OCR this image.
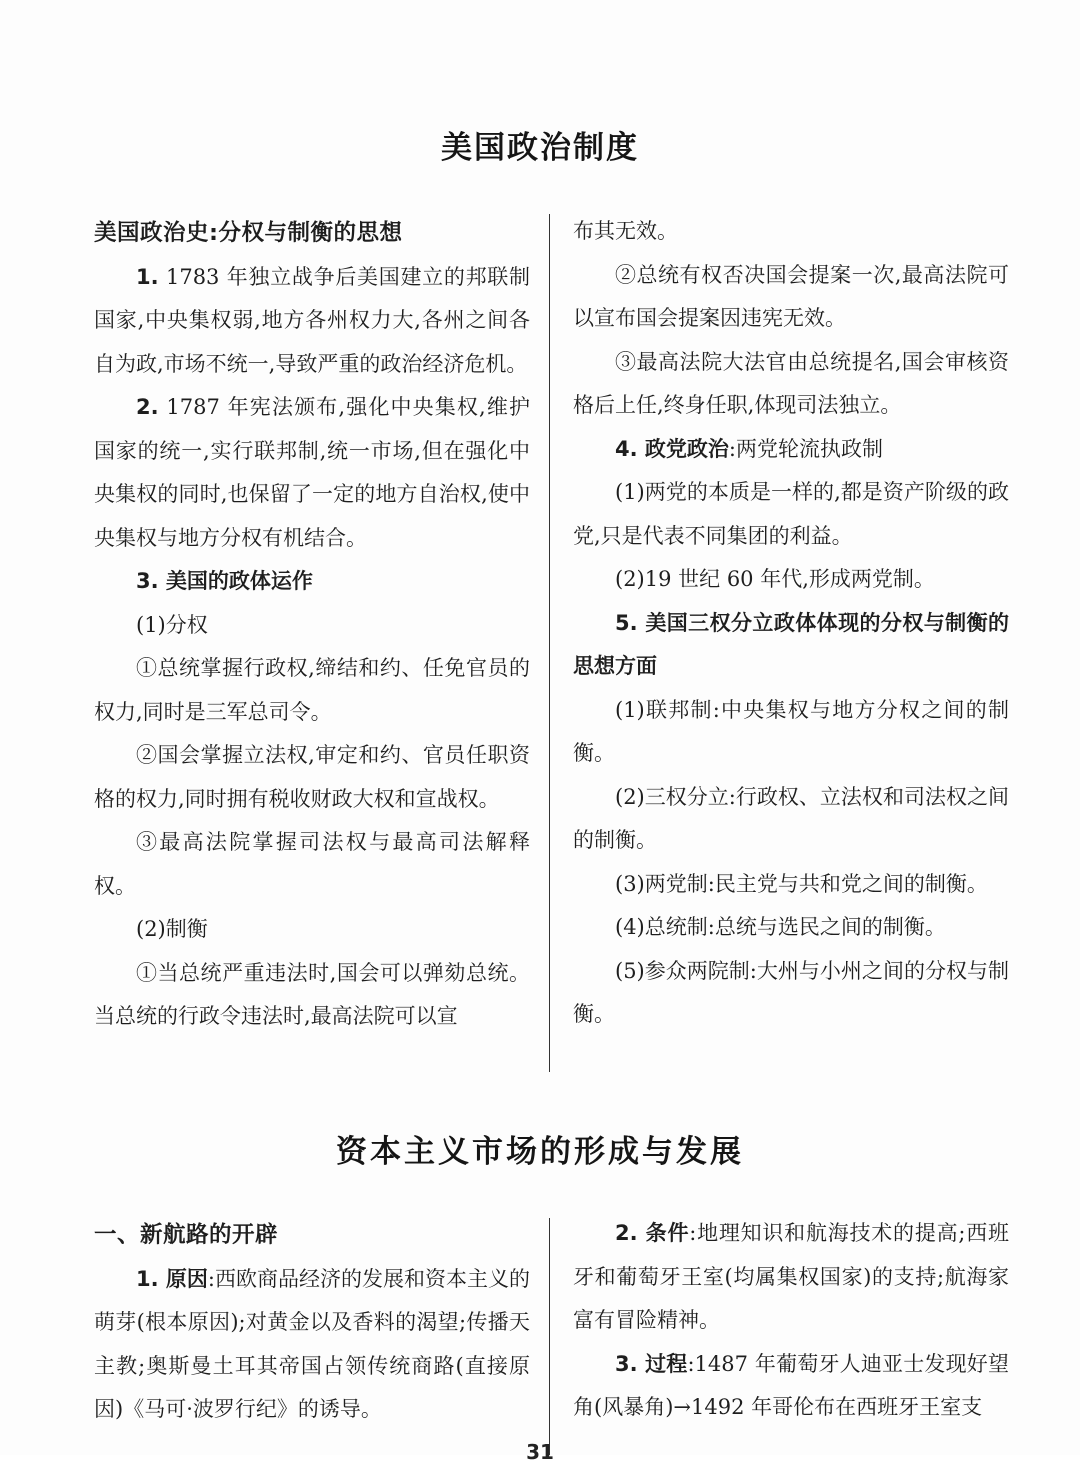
美国政治制度

美国政治史:分权与制衡的思想

1. 1783 年独立战争后美国建立的邦联制国家,中央集权弱,地方各州权力大,各州之间各自为政,市场不统一,导致严重的政治经济危机。

2. 1787 年宪法颁布,强化中央集权,维护国家的统一,实行联邦制,统一市场,但在强化中央集权的同时,也保留了一定的地方自治权,使中央集权与地方分权有机结合。

3. 美国的政体运作

(1)分权

①总统掌握行政权,缔结和约、任免官员的权力,同时是三军总司令。

②国会掌握立法权,审定和约、官员任职资格的权力,同时拥有税收财政大权和宣战权。

③最高法院掌握司法权与最高司法解释权。

(2)制衡

①当总统严重违法时,国会可以弹劾总统。当总统的行政令违法时,最高法院可以宣

布其无效。

②总统有权否决国会提案一次,最高法院可以宣布国会提案因违宪无效。

③最高法院大法官由总统提名,国会审核资格后上任,终身任职,体现司法独立。

4. 政党政治:两党轮流执政制

(1)两党的本质是一样的,都是资产阶级的政党,只是代表不同集团的利益。

(2)19 世纪 60 年代,形成两党制。

5. 美国三权分立政体体现的分权与制衡的思想方面

(1)联邦制:中央集权与地方分权之间的制衡。

(2)三权分立:行政权、立法权和司法权之间的制衡。

(3)两党制:民主党与共和党之间的制衡。

(4)总统制:总统与选民之间的制衡。

(5)参众两院制:大州与小州之间的分权与制衡。

资本主义市场的形成与发展

一、新航路的开辟

1. 原因:西欧商品经济的发展和资本主义的萌芽(根本原因);对黄金以及香料的渴望;传播天主教;奥斯曼土耳其帝国占领传统商路(直接原因)《马可·波罗行纪》的诱导。

2. 条件:地理知识和航海技术的提高;西班牙和葡萄牙王室(均属集权国家)的支持;航海家富有冒险精神。

3. 过程:1487 年葡萄牙人迪亚士发现好望角(风暴角)→1492 年哥伦布在西班牙王室支

31
